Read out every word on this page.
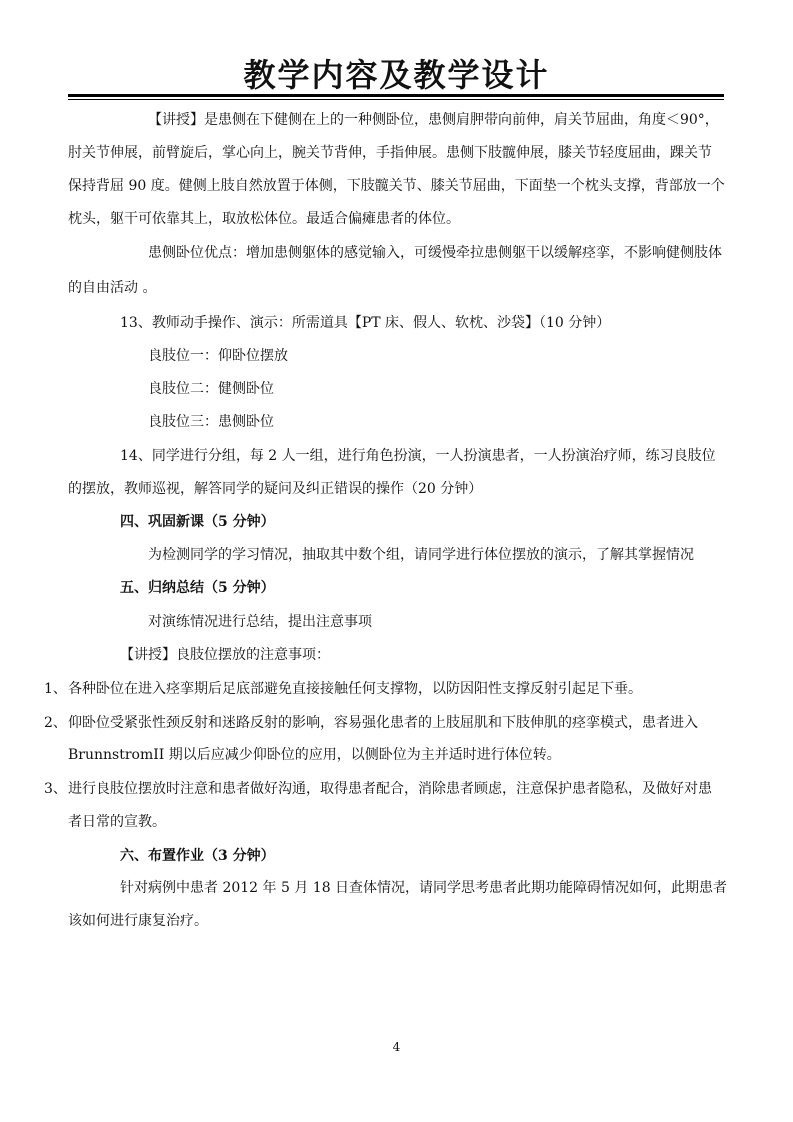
教学内容及教学设计
【讲授】是患侧在下健侧在上的一种侧卧位，患侧肩胛带向前伸，肩关节屈曲，角度＜90°，
肘关节伸展，前臂旋后，掌心向上，腕关节背伸，手指伸展。患侧下肢髋伸展，膝关节轻度屈曲，踝关节
保持背屈 90 度。健侧上肢自然放置于体侧，下肢髋关节、膝关节屈曲，下面垫一个枕头支撑，背部放一个
枕头，躯干可依靠其上，取放松体位。最适合偏瘫患者的体位。
患侧卧位优点：增加患侧躯体的感觉输入，可缓慢牵拉患侧躯干以缓解痉挛，不影响健侧肢体
的自由活动 。
13、教师动手操作、演示：所需道具【PT 床、假人、软枕、沙袋】（10 分钟）
良肢位一：仰卧位摆放
良肢位二：健侧卧位
良肢位三：患侧卧位
14、同学进行分组，每 2 人一组，进行角色扮演，一人扮演患者，一人扮演治疗师，练习良肢位
的摆放，教师巡视，解答同学的疑问及纠正错误的操作（20 分钟）
四、巩固新课（5 分钟）
为检测同学的学习情况，抽取其中数个组，请同学进行体位摆放的演示，了解其掌握情况
五、归纳总结（5 分钟）
对演练情况进行总结，提出注意事项
【讲授】良肢位摆放的注意事项：
1、 各种卧位在进入痉挛期后足底部避免直接接触任何支撑物，以防因阳性支撑反射引起足下垂。
2、 仰卧位受紧张性颈反射和迷路反射的影响，容易强化患者的上肢屈肌和下肢伸肌的痉挛模式，患者进入
BrunnstromII 期以后应减少仰卧位的应用，以侧卧位为主并适时进行体位转。
3、 进行良肢位摆放时注意和患者做好沟通，取得患者配合，消除患者顾虑，注意保护患者隐私，及做好对患
者日常的宣教。
六、布置作业（3 分钟）
针对病例中患者 2012 年 5 月 18 日查体情况，请同学思考患者此期功能障碍情况如何，此期患者
该如何进行康复治疗。
4
